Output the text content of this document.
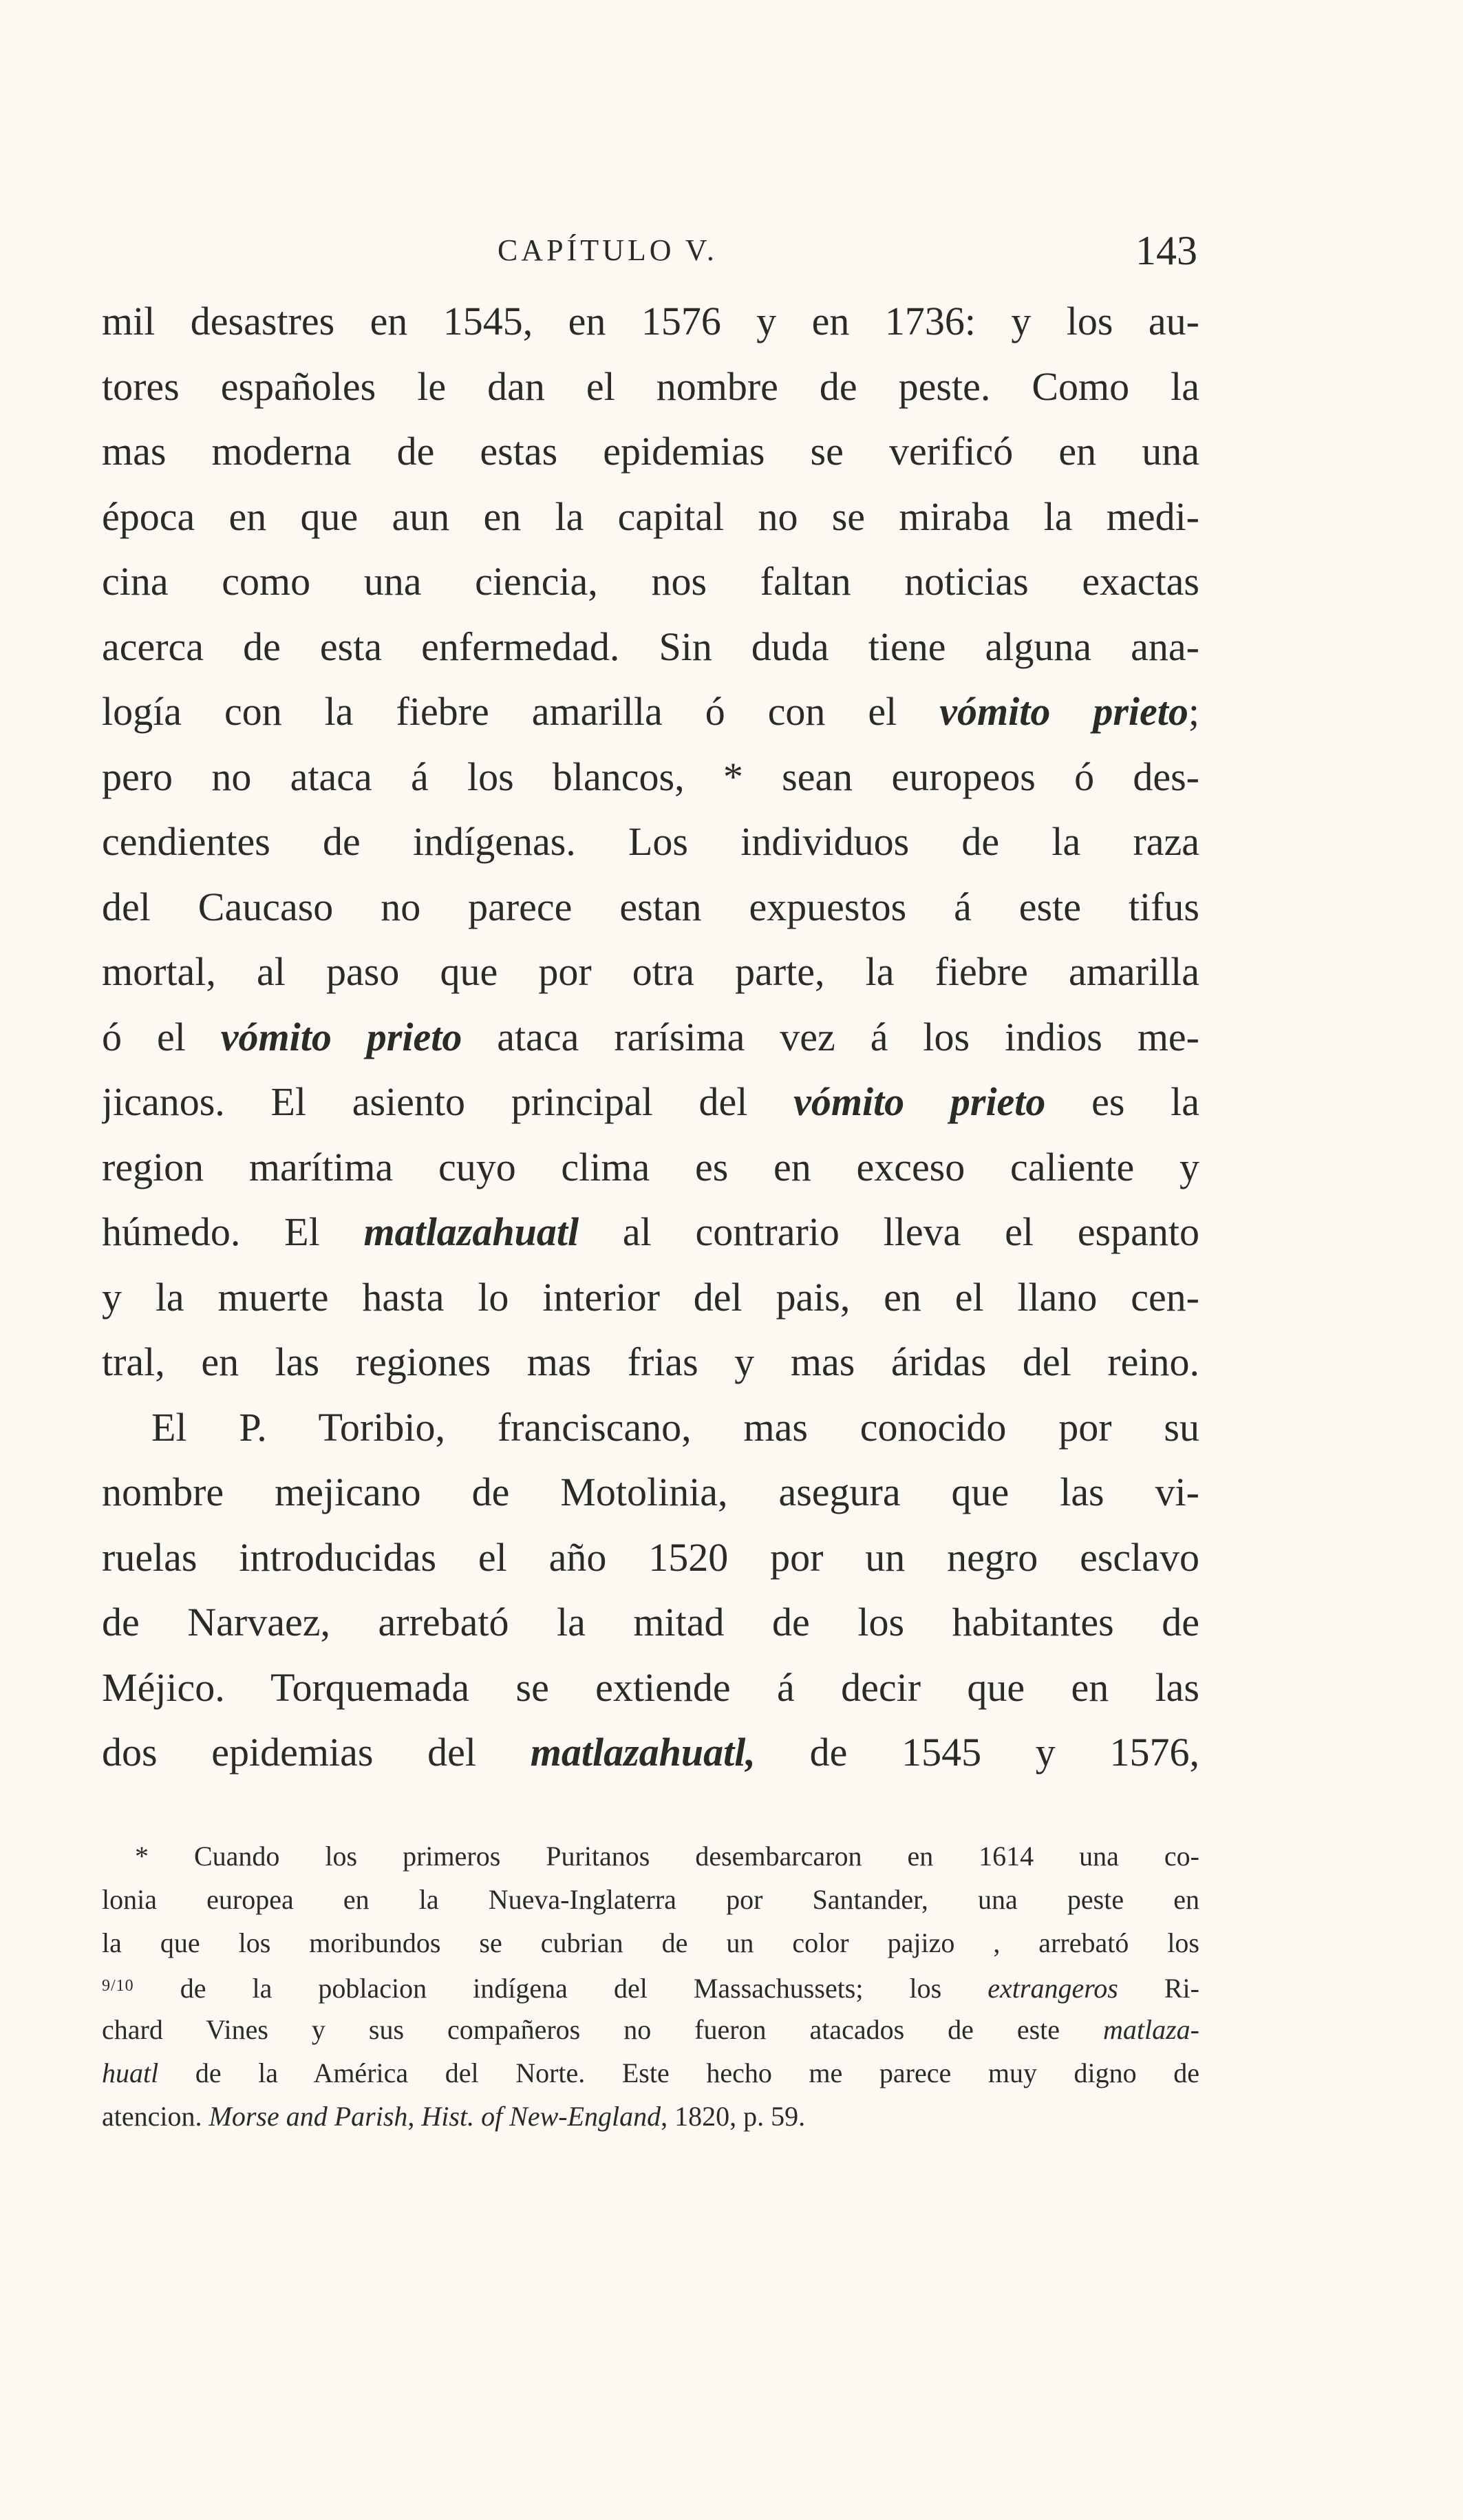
CAPÍTULO V.	143
mil desastres en 1545, en 1576 y en 1736: y los au-
tores españoles le dan el nombre de peste. Como la
mas moderna de estas epidemias se verificó en una
época en que aun en la capital no se miraba la medi-
cina como una ciencia, nos faltan noticias exactas
acerca de esta enfermedad. Sin duda tiene alguna ana-
logía con la fiebre amarilla ó con el vómito prieto;
pero no ataca á los blancos, * sean europeos ó des-
cendientes de indígenas. Los individuos de la raza
del Caucaso no parece estan expuestos á este tifus
mortal, al paso que por otra parte, la fiebre amarilla
ó el vómito prieto ataca rarísima vez á los indios me-
jicanos. El asiento principal del vómito prieto es la
region marítima cuyo clima es en exceso caliente y
húmedo. El matlazahuatl al contrario lleva el espanto
y la muerte hasta lo interior del pais, en el llano cen-
tral, en las regiones mas frias y mas áridas del reino.
El P. Toribio, franciscano, mas conocido por su
nombre mejicano de Motolinia, asegura que las vi-
ruelas introducidas el año 1520 por un negro esclavo
de Narvaez, arrebató la mitad de los habitantes de
Méjico. Torquemada se extiende á decir que en las
dos epidemias del matlazahuatl, de 1545 y 1576,
* Cuando los primeros Puritanos desembarcaron en 1614 una co-
lonia europea en la Nueva-Inglaterra por Santander, una peste en
la que los moribundos se cubrian de un color pajizo , arrebató los
$^{9/10}$ de la poblacion indígena del Massachussets; los extrangeros Ri-
chard Vines y sus compañeros no fueron atacados de este matlaza-
huatl de la América del Norte. Este hecho me parece muy digno de
atencion. Morse and Parish, Hist. of New-England, 1820, p. 59.
